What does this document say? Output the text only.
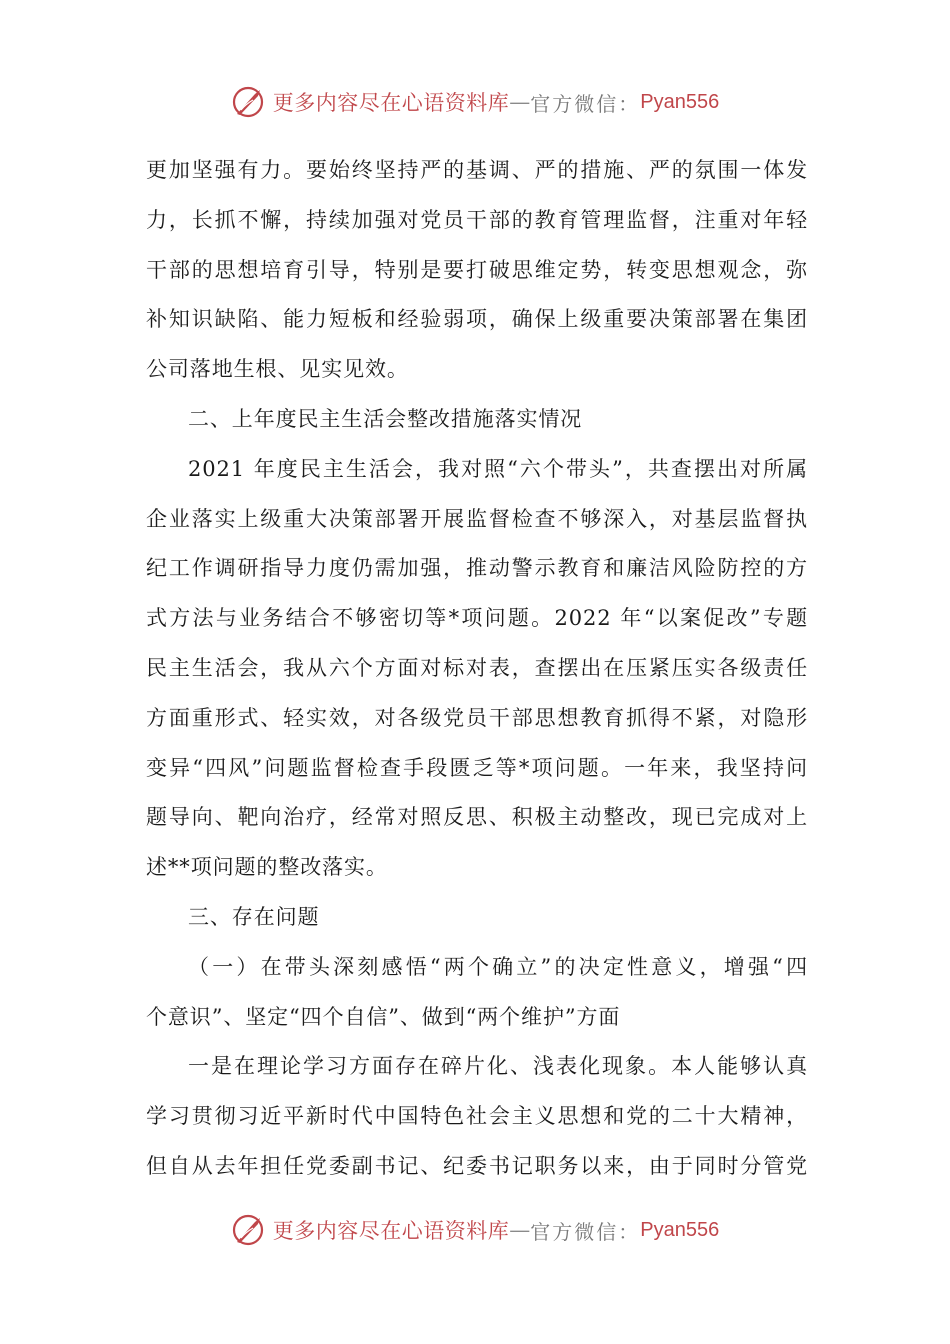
更多内容尽在心语资料库 — 官方微信： Pyan556
更加坚强有力。要始终坚持严的基调、严的措施、严的氛围一体发
力，长抓不懈，持续加强对党员干部的教育管理监督，注重对年轻
干部的思想培育引导，特别是要打破思维定势，转变思想观念，弥
补知识缺陷、能力短板和经验弱项，确保上级重要决策部署在集团
公司落地生根、见实见效。
二、上年度民主生活会整改措施落实情况
2021 年度民主生活会，我对照“六个带头”，共查摆出对所属
企业落实上级重大决策部署开展监督检查不够深入，对基层监督执
纪工作调研指导力度仍需加强，推动警示教育和廉洁风险防控的方
式方法与业务结合不够密切等*项问题。2022 年“以案促改”专题
民主生活会，我从六个方面对标对表，查摆出在压紧压实各级责任
方面重形式、轻实效，对各级党员干部思想教育抓得不紧，对隐形
变异“四风”问题监督检查手段匮乏等*项问题。一年来，我坚持问
题导向、靶向治疗，经常对照反思、积极主动整改，现已完成对上
述**项问题的整改落实。
三、存在问题
（一）在带头深刻感悟“两个确立”的决定性意义，增强“四
个意识”、坚定“四个自信”、做到“两个维护”方面
一是在理论学习方面存在碎片化、浅表化现象。本人能够认真
学习贯彻习近平新时代中国特色社会主义思想和党的二十大精神，
但自从去年担任党委副书记、纪委书记职务以来，由于同时分管党
更多内容尽在心语资料库 — 官方微信： Pyan556
